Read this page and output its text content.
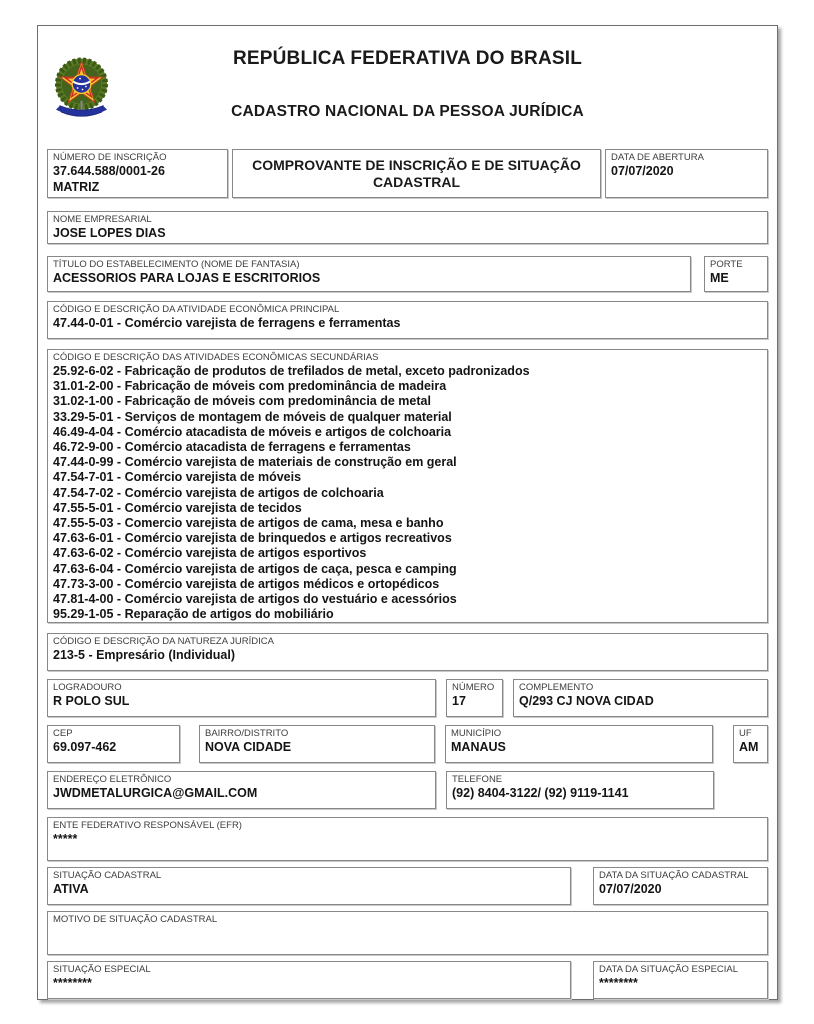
REPÚBLICA FEDERATIVA DO BRASIL
CADASTRO NACIONAL DA PESSOA JURÍDICA
NÚMERO DE INSCRIÇÃO
37.644.588/0001-26
MATRIZ
COMPROVANTE DE INSCRIÇÃO E DE SITUAÇÃO CADASTRAL
DATA DE ABERTURA
07/07/2020
NOME EMPRESARIAL
JOSE LOPES DIAS
TÍTULO DO ESTABELECIMENTO (NOME DE FANTASIA)
ACESSORIOS PARA LOJAS E ESCRITORIOS
PORTE
ME
CÓDIGO E DESCRIÇÃO DA ATIVIDADE ECONÔMICA PRINCIPAL
47.44-0-01 - Comércio varejista de ferragens e ferramentas
CÓDIGO E DESCRIÇÃO DAS ATIVIDADES ECONÔMICAS SECUNDÁRIAS
25.92-6-02 - Fabricação de produtos de trefilados de metal, exceto padronizados
31.01-2-00 - Fabricação de móveis com predominância de madeira
31.02-1-00 - Fabricação de móveis com predominância de metal
33.29-5-01 - Serviços de montagem de móveis de qualquer material
46.49-4-04 - Comércio atacadista de móveis e artigos de colchoaria
46.72-9-00 - Comércio atacadista de ferragens e ferramentas
47.44-0-99 - Comércio varejista de materiais de construção em geral
47.54-7-01 - Comércio varejista de móveis
47.54-7-02 - Comércio varejista de artigos de colchoaria
47.55-5-01 - Comércio varejista de tecidos
47.55-5-03 - Comercio varejista de artigos de cama, mesa e banho
47.63-6-01 - Comércio varejista de brinquedos e artigos recreativos
47.63-6-02 - Comércio varejista de artigos esportivos
47.63-6-04 - Comércio varejista de artigos de caça, pesca e camping
47.73-3-00 - Comércio varejista de artigos médicos e ortopédicos
47.81-4-00 - Comércio varejista de artigos do vestuário e acessórios
95.29-1-05 - Reparação de artigos do mobiliário
CÓDIGO E DESCRIÇÃO DA NATUREZA JURÍDICA
213-5 - Empresário (Individual)
LOGRADOURO
R POLO SUL
NÚMERO
17
COMPLEMENTO
Q/293 CJ NOVA CIDAD
CEP
69.097-462
BAIRRO/DISTRITO
NOVA CIDADE
MUNICÍPIO
MANAUS
UF
AM
ENDEREÇO ELETRÔNICO
JWDMETALURGICA@GMAIL.COM
TELEFONE
(92) 8404-3122/ (92) 9119-1141
ENTE FEDERATIVO RESPONSÁVEL (EFR)
*****
SITUAÇÃO CADASTRAL
ATIVA
DATA DA SITUAÇÃO CADASTRAL
07/07/2020
MOTIVO DE SITUAÇÃO CADASTRAL
SITUAÇÃO ESPECIAL
********
DATA DA SITUAÇÃO ESPECIAL
********
